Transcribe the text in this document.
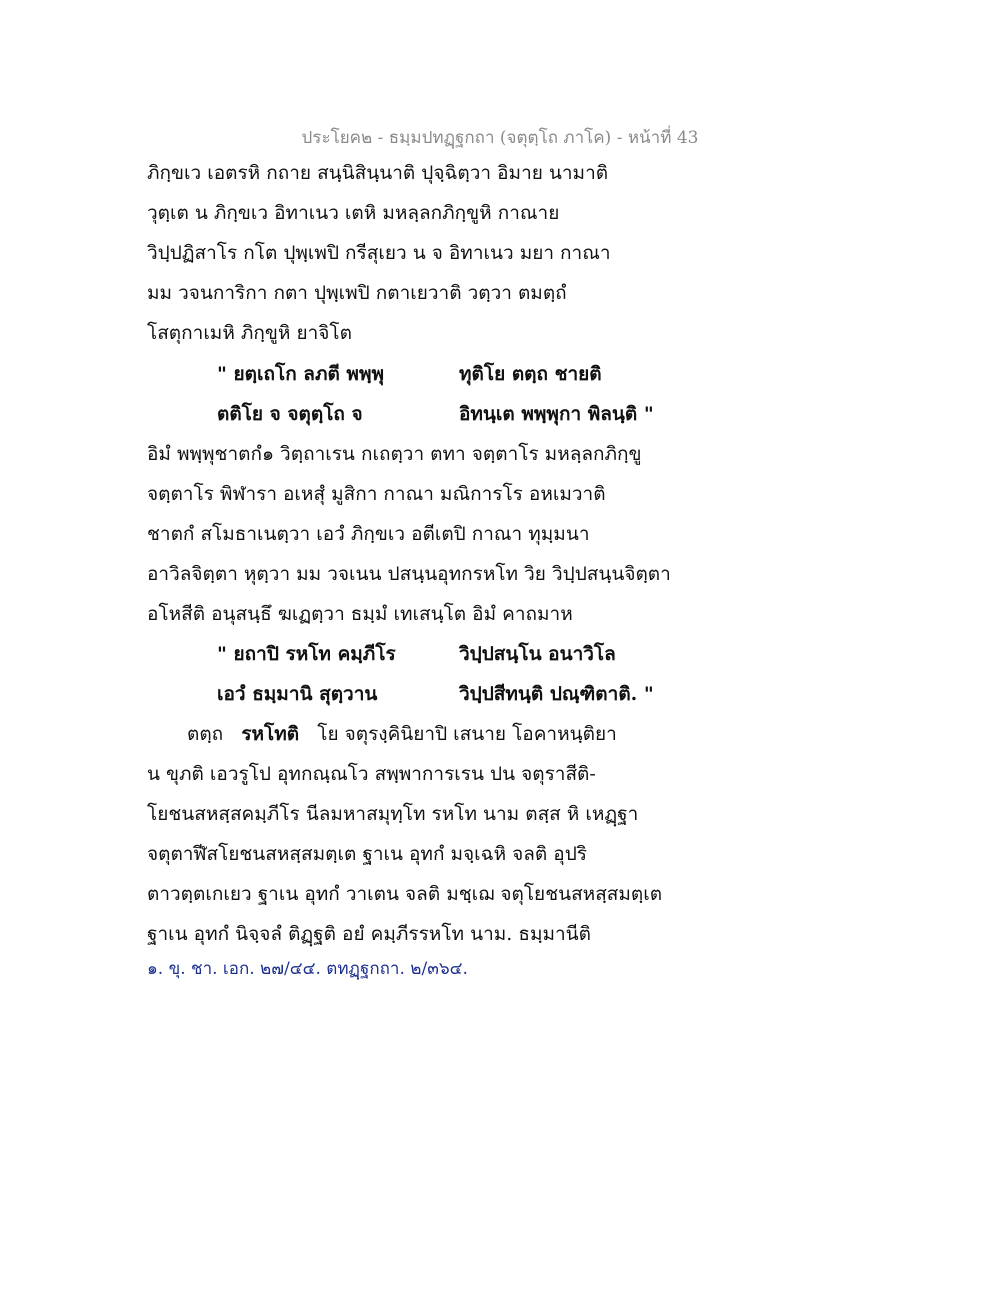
ประโยค๒ - ธมฺมปทฏฺฐกถา (จตุตฺโถ ภาโค) - หน้าที่ 43
ภิกฺขเว เอตรหิ กถาย สนฺนิสินฺนาติ ปุจฺฉิตฺวา อิมาย นามาติ
วุตฺเต น ภิกฺขเว อิทาเนว เตหิ มหลฺลกภิกฺขูหิ กาณาย
วิปฺปฏิสาโร กโต ปุพฺเพปิ กรีสุเยว น จ อิทาเนว มยา กาณา
มม วจนการิกา กตา ปุพฺเพปิ กตาเยวาติ วตฺวา ตมตฺถํ
โสตุกาเมหิ ภิกฺขูหิ ยาจิโต
" ยตฺเถโก ลภตี พพฺพุ	ทุติโย ตตฺถ ชายติ
ตติโย จ จตุตฺโถ จ	อิทนฺเต พพฺพุกา พิลนฺติ "
อิมํ พพฺพุชาตกํ๑ วิตฺถาเรน กเถตฺวา ตทา จตฺตาโร มหลฺลกภิกฺขู
จตฺตาโร พิฬารา อเหสุํ มูสิกา กาณา มณิการโร อหเมวาติ
ชาตกํ สโมธาเนตฺวา เอวํ ภิกฺขเว อตีเตปิ กาณา ทุมฺมนา
อาวิลจิตฺตา หุตฺวา มม วจเนน ปสนฺนอุทกรหโท วิย วิปฺปสนฺนจิตฺตา
อโหสีติ อนุสนฺธึ ฆเฏตฺวา ธมฺมํ เทเสนฺโต อิมํ คาถมาห
" ยถาปิ รหโท คมฺภีโร	วิปฺปสนฺโน อนาวิโล
เอวํ ธมฺมานิ สุตฺวาน	วิปฺปสีทนฺติ ปณฺฑิตาติ. "
ตตฺถ รหโทติ โย จตุรงฺคินิยาปิ เสนาย โอคาหนฺติยา
น ขุภติ เอวรูโป อุทกณฺณโว สพฺพาการเรน ปน จตุราสีติ-
โยชนสหสฺสคมฺภีโร นีลมหาสมุทฺโท รหโท นาม ตสฺส หิ เหฏฺฐา
จตุตาฬีสโยชนสหสฺสมตฺเต ฐาเน อุทกํ มจฺเฉหิ จลติ อุปริ
ตาวตฺตเกเยว ฐาเน อุทกํ วาเตน จลติ มชฺเฌ จตุโยชนสหสฺสมตฺเต
ฐาเน อุทกํ นิจฺจลํ ติฏฺฐติ อยํ คมฺภีรรหโท นาม. ธมฺมานีติ
๑. ขุ. ชา. เอก. ๒๗/๔๔. ตทฏฺฐกถา. ๒/๓๖๔.
